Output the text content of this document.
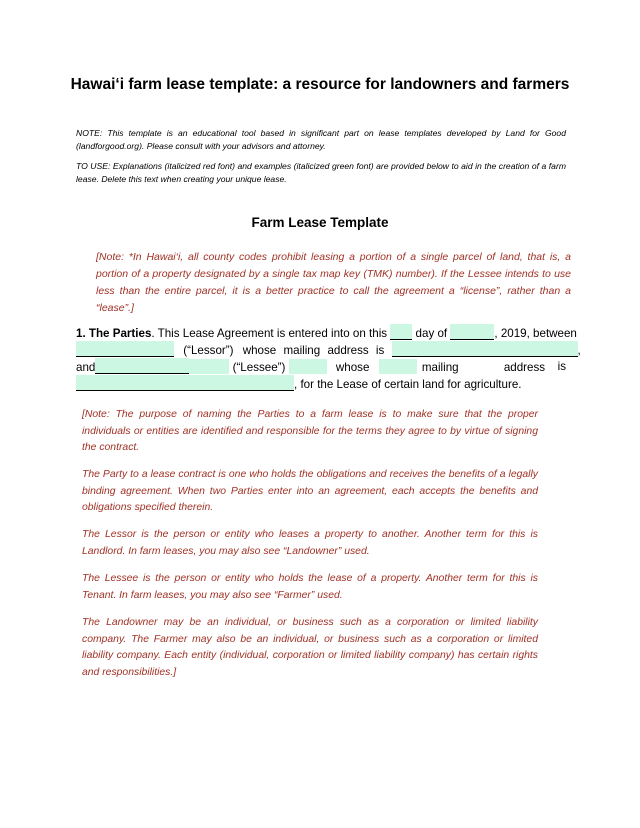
Hawai‘i farm lease template: a resource for landowners and farmers
NOTE: This template is an educational tool based in significant part on lease templates developed by Land for Good (landforgood.org). Please consult with your advisors and attorney.
TO USE: Explanations (italicized red font) and examples (italicized green font) are provided below to aid in the creation of a farm lease. Delete this text when creating your unique lease.
Farm Lease Template
[Note: *In Hawai‘i, all county codes prohibit leasing a portion of a single parcel of land, that is, a portion of a property designated by a single tax map key (TMK) number). If the Lessee intends to use less than the entire parcel, it is a better practice to call the agreement a “license”, rather than a “lease”.]
1. The Parties. This Lease Agreement is entered into on this day of	, 2019, between
(“Lessor”) whose mailing address is	,
and	(“Lessee”)	whose	mailing	address is
, for the Lease of certain land for agriculture.
[Note: The purpose of naming the Parties to a farm lease is to make sure that the proper individuals or entities are identified and responsible for the terms they agree to by virtue of signing the contract.
The Party to a lease contract is one who holds the obligations and receives the benefits of a legally binding agreement. When two Parties enter into an agreement, each accepts the benefits and obligations specified therein.
The Lessor is the person or entity who leases a property to another. Another term for this is Landlord. In farm leases, you may also see “Landowner” used.
The Lessee is the person or entity who holds the lease of a property. Another term for this is Tenant. In farm leases, you may also see “Farmer” used.
The Landowner may be an individual, or business such as a corporation or limited liability company. The Farmer may also be an individual, or business such as a corporation or limited liability company. Each entity (individual, corporation or limited liability company) has certain rights and responsibilities.]
